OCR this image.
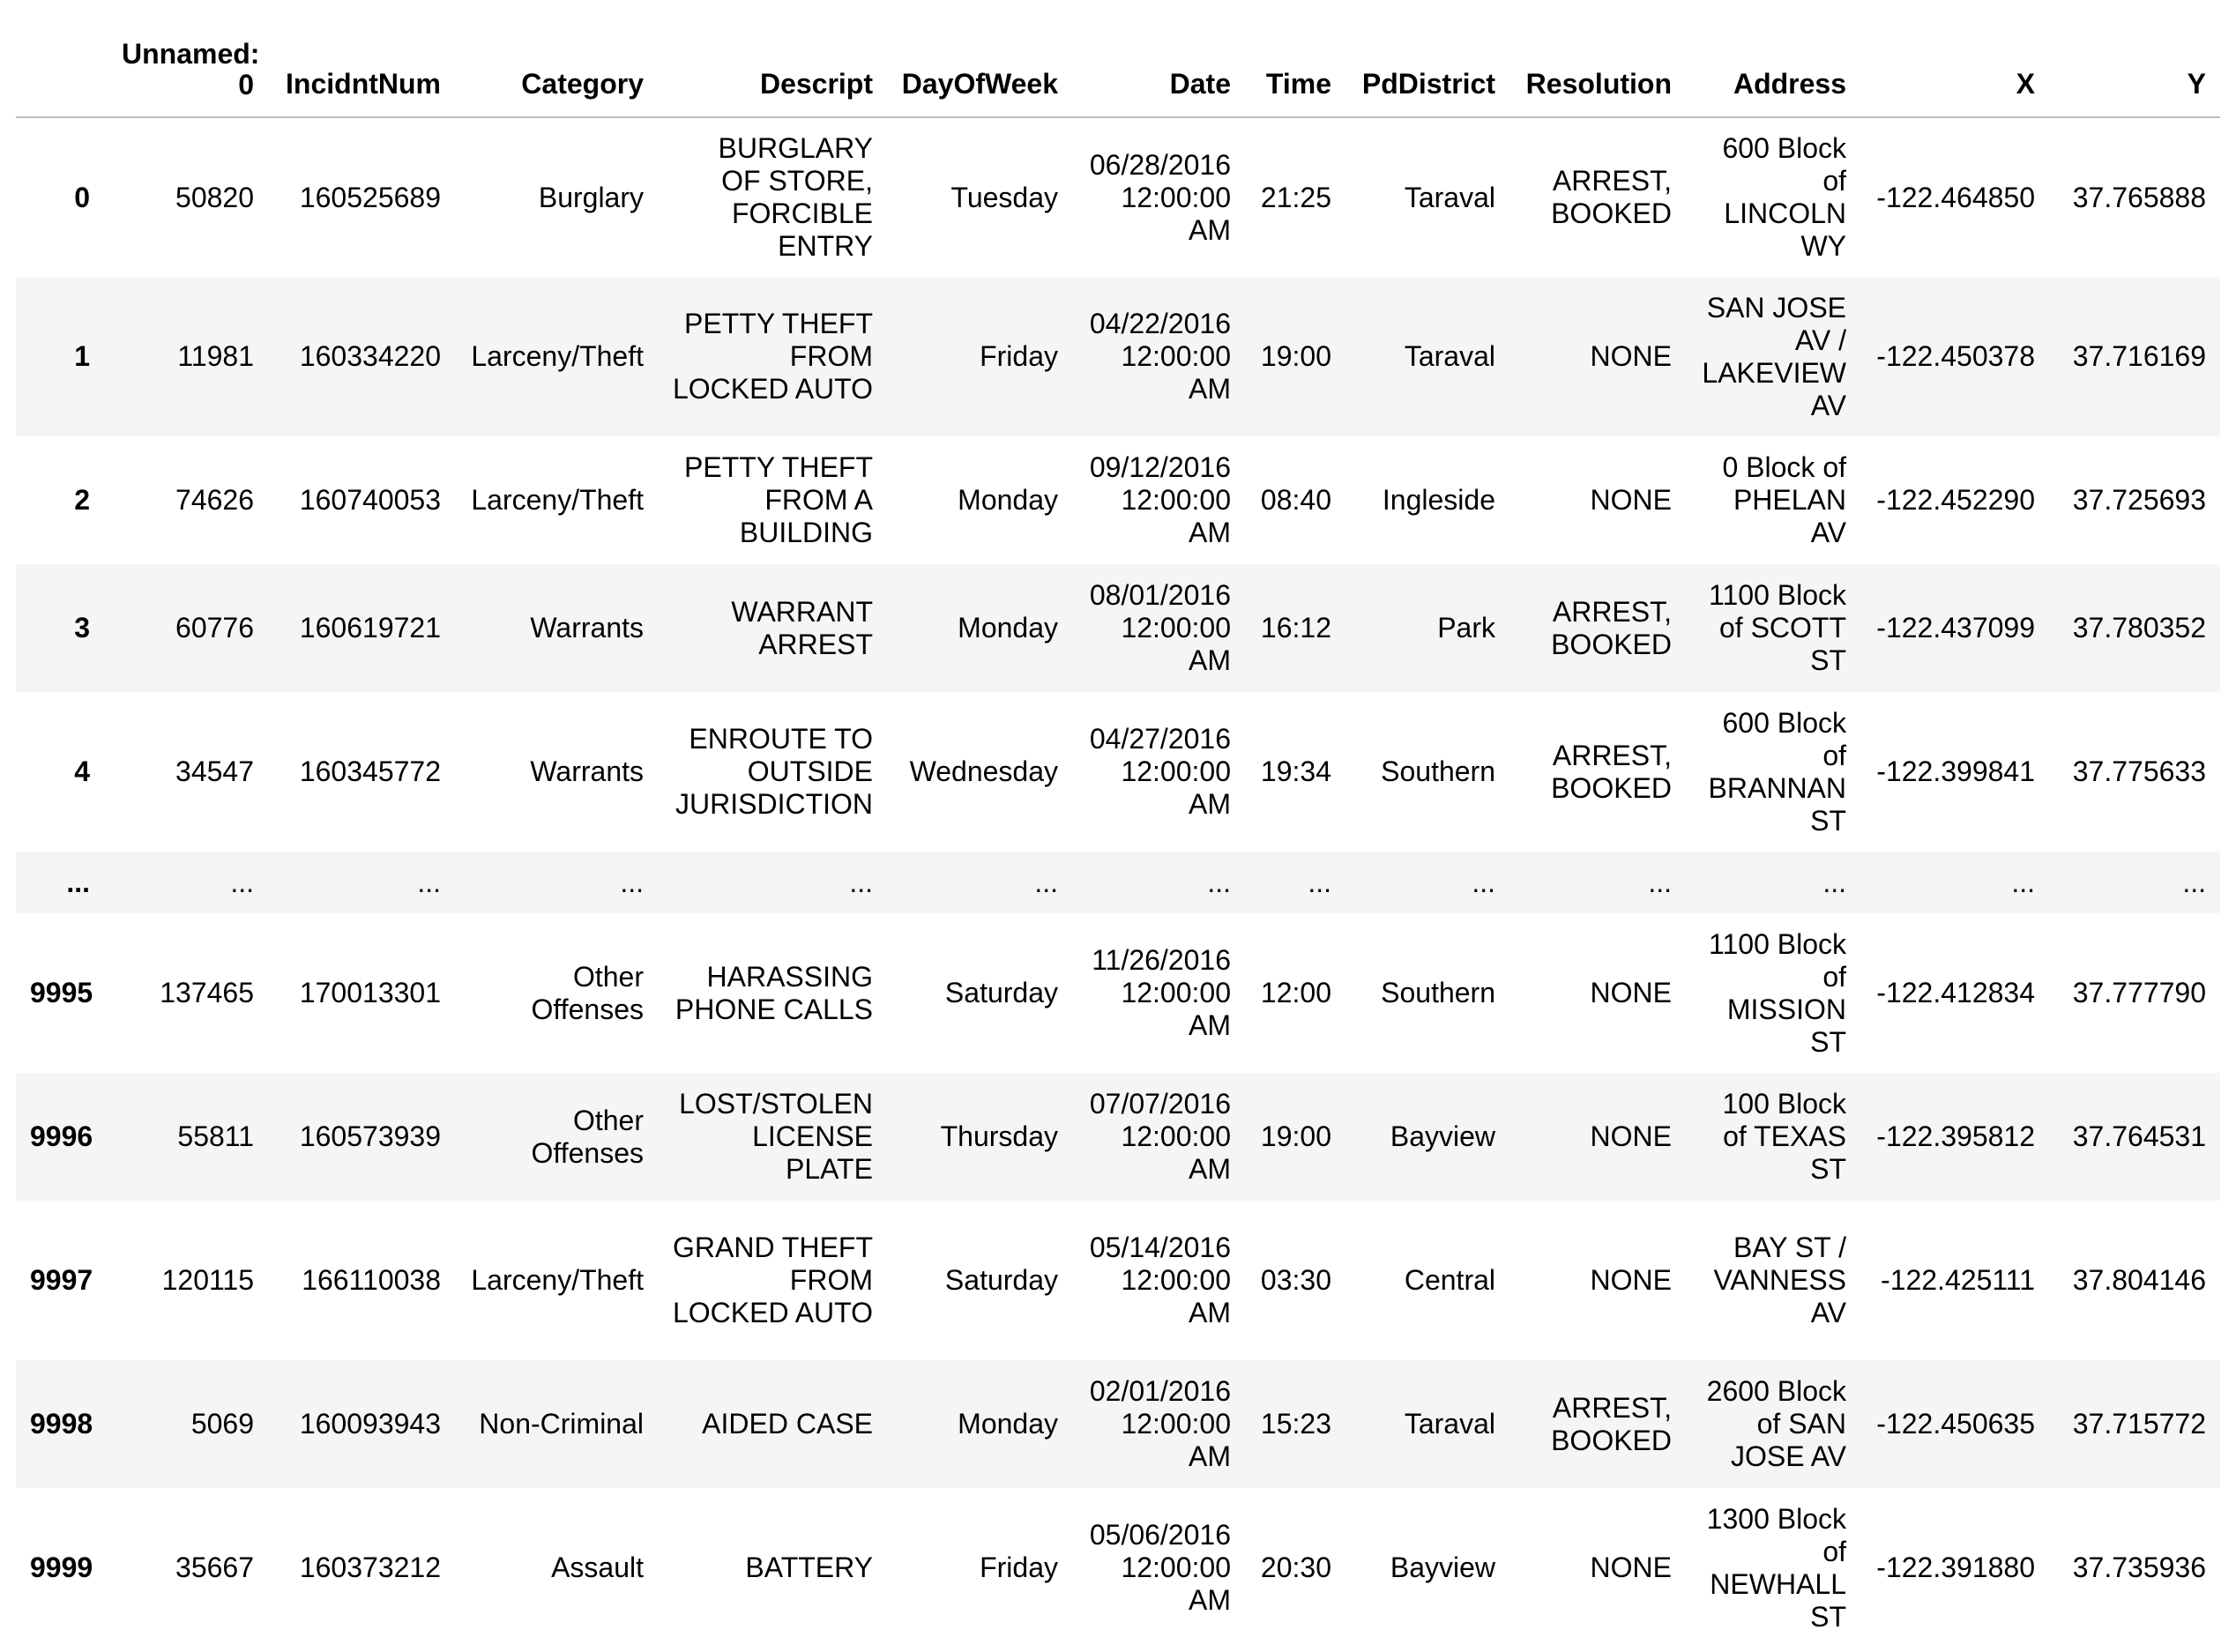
	Unnamed: 0	IncidntNum	Category	Descript	DayOfWeek	Date	Time	PdDistrict	Resolution	Address	X	Y
0	50820	160525689	Burglary	BURGLARY OF STORE, FORCIBLE ENTRY	Tuesday	06/28/2016 12:00:00 AM	21:25	Taraval	ARREST, BOOKED	600 Block of LINCOLN WY	-122.464850	37.765888
1	11981	160334220	Larceny/Theft	PETTY THEFT FROM LOCKED AUTO	Friday	04/22/2016 12:00:00 AM	19:00	Taraval	NONE	SAN JOSE AV / LAKEVIEW AV	-122.450378	37.716169
2	74626	160740053	Larceny/Theft	PETTY THEFT FROM A BUILDING	Monday	09/12/2016 12:00:00 AM	08:40	Ingleside	NONE	0 Block of PHELAN AV	-122.452290	37.725693
3	60776	160619721	Warrants	WARRANT ARREST	Monday	08/01/2016 12:00:00 AM	16:12	Park	ARREST, BOOKED	1100 Block of SCOTT ST	-122.437099	37.780352
4	34547	160345772	Warrants	ENROUTE TO OUTSIDE JURISDICTION	Wednesday	04/27/2016 12:00:00 AM	19:34	Southern	ARREST, BOOKED	600 Block of BRANNAN ST	-122.399841	37.775633
...	...	...	...	...	...	...	...	...	...	...	...	...
9995	137465	170013301	Other Offenses	HARASSING PHONE CALLS	Saturday	11/26/2016 12:00:00 AM	12:00	Southern	NONE	1100 Block of MISSION ST	-122.412834	37.777790
9996	55811	160573939	Other Offenses	LOST/STOLEN LICENSE PLATE	Thursday	07/07/2016 12:00:00 AM	19:00	Bayview	NONE	100 Block of TEXAS ST	-122.395812	37.764531
9997	120115	166110038	Larceny/Theft	GRAND THEFT FROM LOCKED AUTO	Saturday	05/14/2016 12:00:00 AM	03:30	Central	NONE	BAY ST / VANNESS AV	-122.425111	37.804146
9998	5069	160093943	Non-Criminal	AIDED CASE	Monday	02/01/2016 12:00:00 AM	15:23	Taraval	ARREST, BOOKED	2600 Block of SAN JOSE AV	-122.450635	37.715772
9999	35667	160373212	Assault	BATTERY	Friday	05/06/2016 12:00:00 AM	20:30	Bayview	NONE	1300 Block of NEWHALL ST	-122.391880	37.735936
